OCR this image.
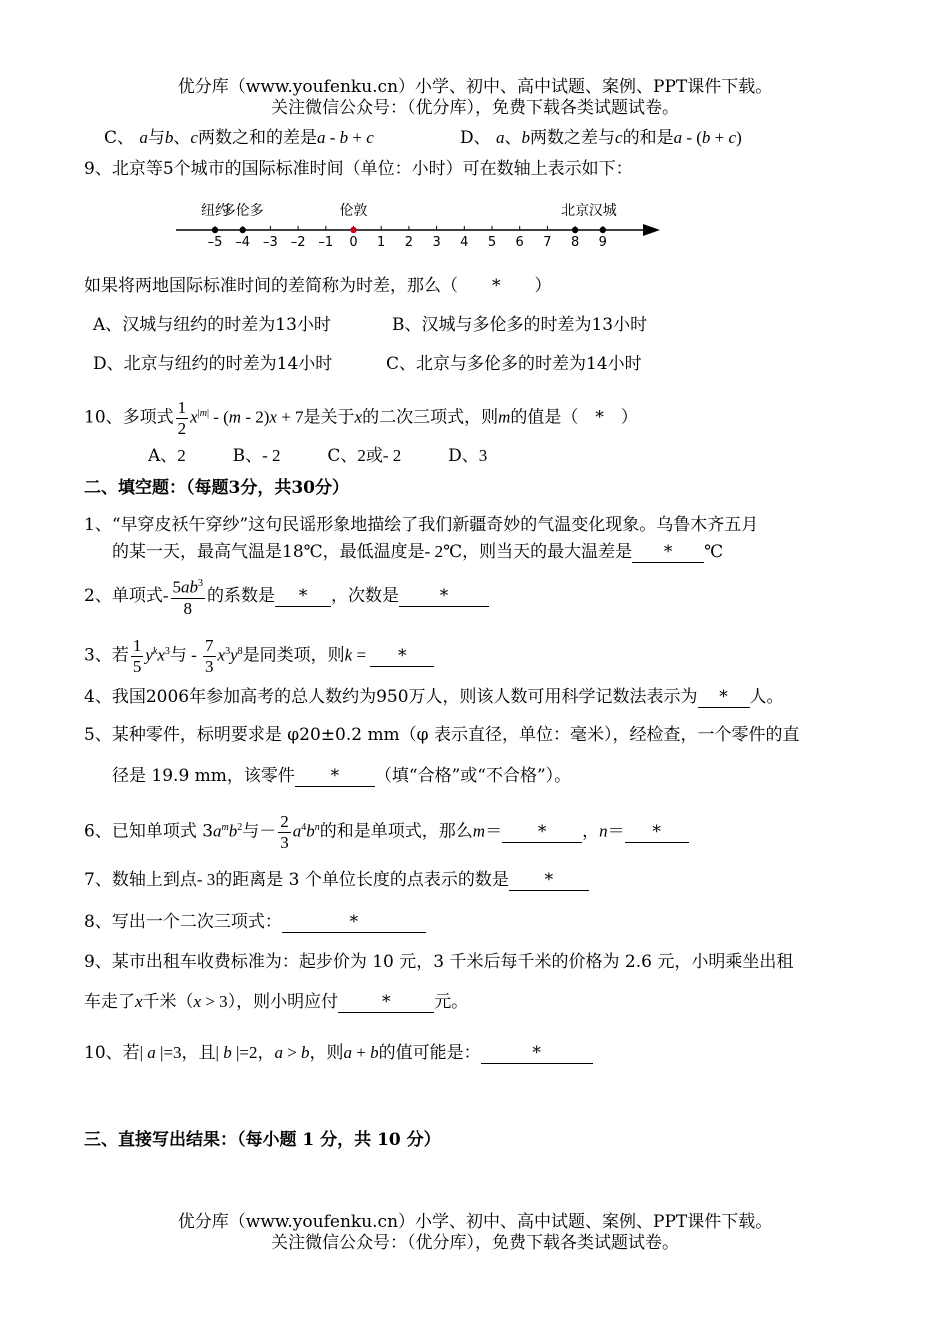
优分库（www.youfenku.cn）小学、初中、高中试题、案例、PPT课件下载。
关注微信公众号：（优分库），免费下载各类试题试卷。
C、 a与b、c两数之和的差是a - b + c	D、 a、b两数之差与c的和是a - (b + c)
9、北京等5个城市的国际标准时间（单位：小时）可在数轴上表示如下：
纽约
多伦多	伦敦	北京 汉城
–5 –4 –3 –2 –1 0 1 2 3 4 5 6 7 8 9
如果将两地国际标准时间的差简称为时差，那么（　　*　　）
A、汉城与纽约的时差为13小时	B、汉城与多伦多的时差为13小时
D、北京与纽约的时差为14小时	C、北京与多伦多的时差为14小时
10、多项式 $\frac{1}{2} x^{|m|} - (m - 2)x + 7$是关于x的二次三项式，则m的值是（　*　）
A、2	B、- 2	C、2或- 2	D、3
二、填空题：（每题3分，共30分）
1、“早穿皮袄午穿纱”这句民谣形象地描绘了我们新疆奇妙的气温变化现象。乌鲁木齐五月
的某一天，最高气温是18℃，最低温度是- 2℃，则当天的最大温差是 * ℃
2、单项式- $\frac{5ab^3}{8}$ 的系数是 * ，次数是 *
3、若 $\frac{1}{5} y^kx^3$与 - $\frac{7}{3} x^3y^8$是同类项，则k = *
4、我国2006年参加高考的总人数约为950万人，则该人数可用科学记数法表示为 * 人。
5、某种零件，标明要求是 φ20±0.2 mm（φ 表示直径，单位：毫米），经检查，一个零件的直
径是 19.9 mm，该零件 * （填“合格”或“不合格”）。
6、已知单项式 $3a^mb^2$与－ $\frac{2}{3} a^4b^n$的和是单项式，那么m＝ * ，n＝ *
7、数轴上到点- 3的距离是 3 个单位长度的点表示的数是 *
8、写出一个二次三项式：	*
9、某市出租车收费标准为：起步价为 10 元，3 千米后每千米的价格为 2.6 元，小明乘坐出租
车走了x千米（x > 3），则小明应付	*	元。
10、若| a |=3，且| b |=2，a > b，则a + b的值可能是：	*
三、直接写出结果：（每小题 1 分，共 10 分）
优分库（www.youfenku.cn）小学、初中、高中试题、案例、PPT课件下载。
关注微信公众号：（优分库），免费下载各类试题试卷。
